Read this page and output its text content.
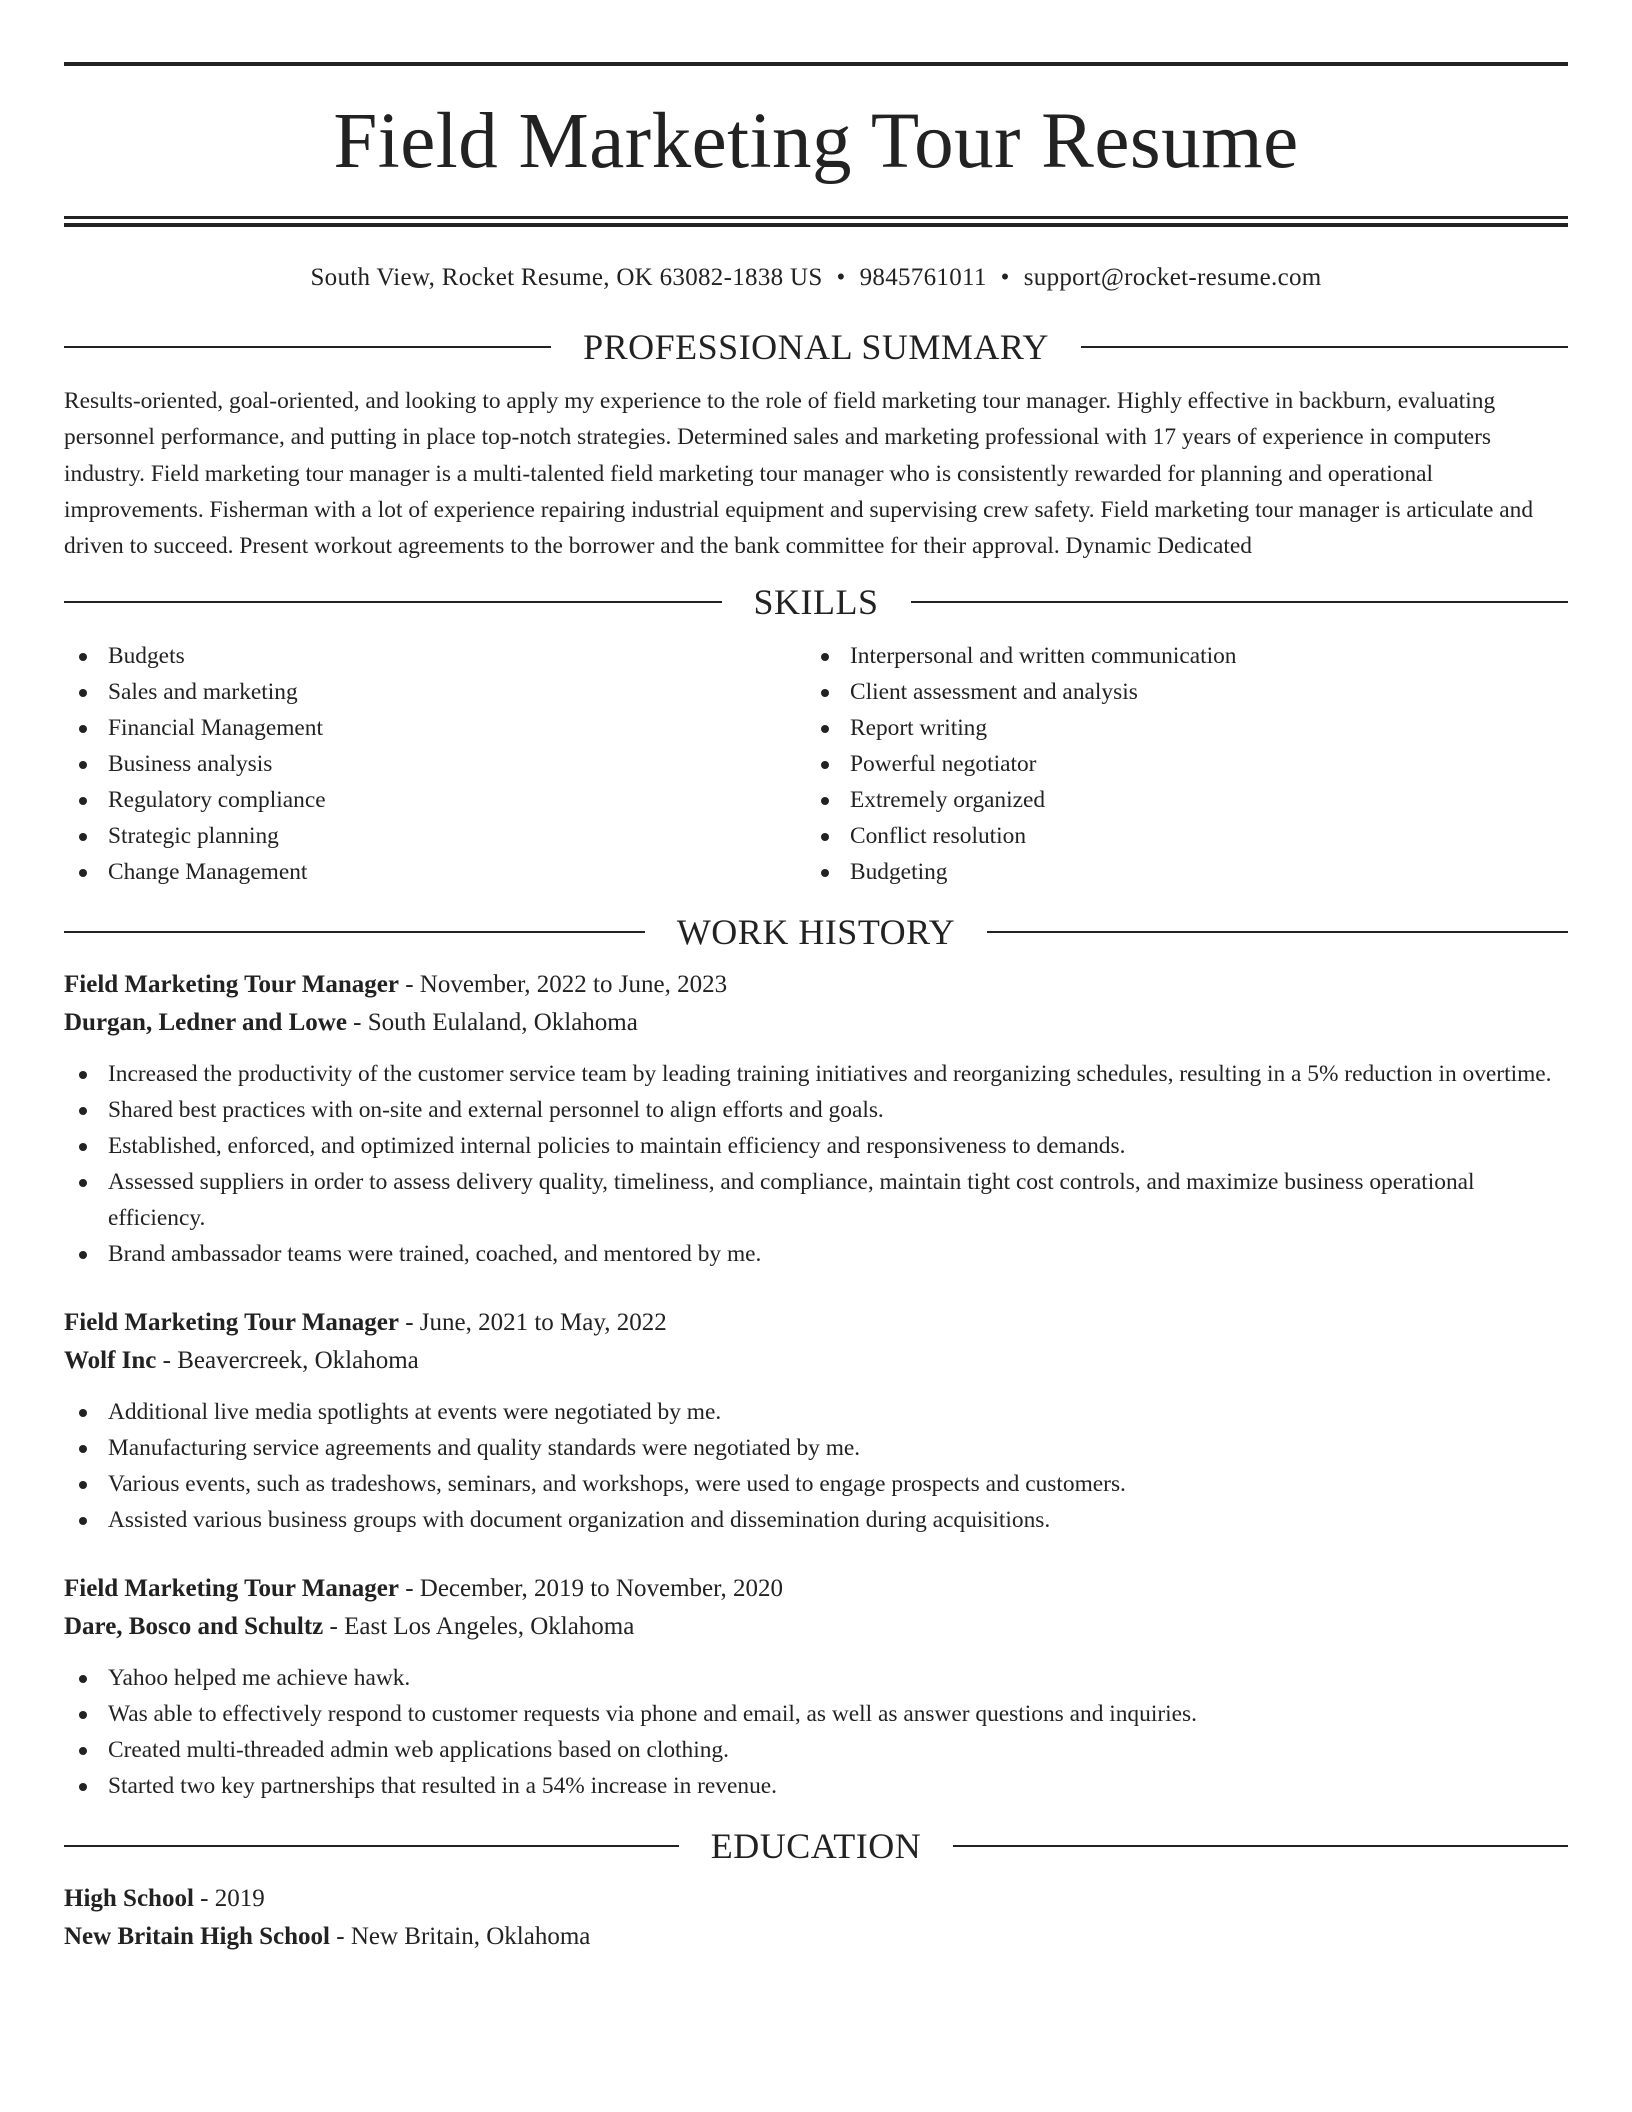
Field Marketing Tour Resume
South View, Rocket Resume, OK 63082-1838 US • 9845761011 • support@rocket-resume.com
PROFESSIONAL SUMMARY

Results-oriented, goal-oriented, and looking to apply my experience to the role of field marketing tour manager. Highly effective in backburn, evaluating personnel performance, and putting in place top-notch strategies. Determined sales and marketing professional with 17 years of experience in computers industry. Field marketing tour manager is a multi-talented field marketing tour manager who is consistently rewarded for planning and operational improvements. Fisherman with a lot of experience repairing industrial equipment and supervising crew safety. Field marketing tour manager is articulate and driven to succeed. Present workout agreements to the borrower and the bank committee for their approval. Dynamic Dedicated

SKILLS
Budgets
Sales and marketing
Financial Management
Business analysis
Regulatory compliance
Strategic planning
Change Management
Interpersonal and written communication
Client assessment and analysis
Report writing
Powerful negotiator
Extremely organized
Conflict resolution
Budgeting
WORK HISTORY
Field Marketing Tour Manager - November, 2022 to June, 2023
Durgan, Ledner and Lowe - South Eulaland, Oklahoma
Increased the productivity of the customer service team by leading training initiatives and reorganizing schedules, resulting in a 5% reduction in overtime.
Shared best practices with on-site and external personnel to align efforts and goals.
Established, enforced, and optimized internal policies to maintain efficiency and responsiveness to demands.
Assessed suppliers in order to assess delivery quality, timeliness, and compliance, maintain tight cost controls, and maximize business operational efficiency.
Brand ambassador teams were trained, coached, and mentored by me.
Field Marketing Tour Manager - June, 2021 to May, 2022
Wolf Inc - Beavercreek, Oklahoma
Additional live media spotlights at events were negotiated by me.
Manufacturing service agreements and quality standards were negotiated by me.
Various events, such as tradeshows, seminars, and workshops, were used to engage prospects and customers.
Assisted various business groups with document organization and dissemination during acquisitions.
Field Marketing Tour Manager - December, 2019 to November, 2020
Dare, Bosco and Schultz - East Los Angeles, Oklahoma
Yahoo helped me achieve hawk.
Was able to effectively respond to customer requests via phone and email, as well as answer questions and inquiries.
Created multi-threaded admin web applications based on clothing.
Started two key partnerships that resulted in a 54% increase in revenue.
EDUCATION
High School - 2019
New Britain High School - New Britain, Oklahoma
